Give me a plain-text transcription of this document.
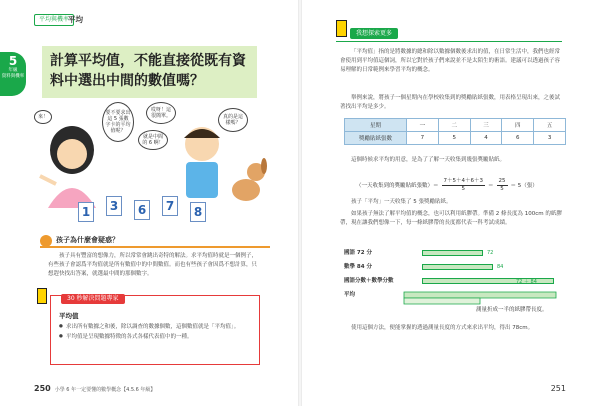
5
年級
資料與機率
平均與機率
平均
計算平均值，不能直接從既有資料中選出中間的數值嗎？
來！
要不要求出這 5 張數字卡的平均值呢？
哎呀！這很簡單。
就是中間的 6 啊！
真的是這樣嗎？
1	3	6	7	8
孩子為什麼會疑惑？

孩子具有豐富的想像力，所以常常會跳出奇特的解法。求平均值時就是一個例子，有些孩子會認爲平均值就是所有數值中的中間數值。而也有些孩子會因爲不想計算，只想趕快找出答案，就選最中間的那個數字。

30 秒解決問題專家
平均值
● 求出所有數據之和後，除以調查的數據個數，這個數值就是「平均值」。
● 平均值是呈現數據特徵的各式各樣代表值中的一種。
250 小學 6 年一定要懂的數學概念【4.5.6 年級】
我想探索更多

「平均值」指的是將數據的總和除以數據個數後求出的值，在日常生活中，我們也經常會使用到平均值這個詞，所以它對於孩子們來說並不是太陌生的術語。建議可以透過孩子容易理解的日常範例來學習平均的概念。

舉例來說，將孩子一個星期內在學校收集到的獎勵貼紙張數，用表格呈現出來，之後試著找出平均是多少。

星期	一	二	三	四	五
獎勵貼紙張數	7	5	4	6	3

這個時候求平均的用意，是為了了解一天收集到幾張獎勵貼紙。

（一天收集到的獎勵貼紙張數）＝ $\frac{7+5+4+6+3}{5} = \frac{25}{5} = 5$（張）

孩子「平均」一天收集了 5 張獎勵貼紙。

如果孩子無法了解平均值的概念，也可以利用紙膠帶。準備 2 條長度為 100cm 的紙膠帶，現在讓我們想像一下，每一條紙膠帶的長度都代表一科考試成績。

國語 72 分	72
數學 84 分	84
國語分數＋數學分數	72 ＋ 84
平均
測量折成一半的紙膠帶長度。

使用這個方法，便能掌握的透過測量長度的方式來求出平均，得出 78cm。

251
